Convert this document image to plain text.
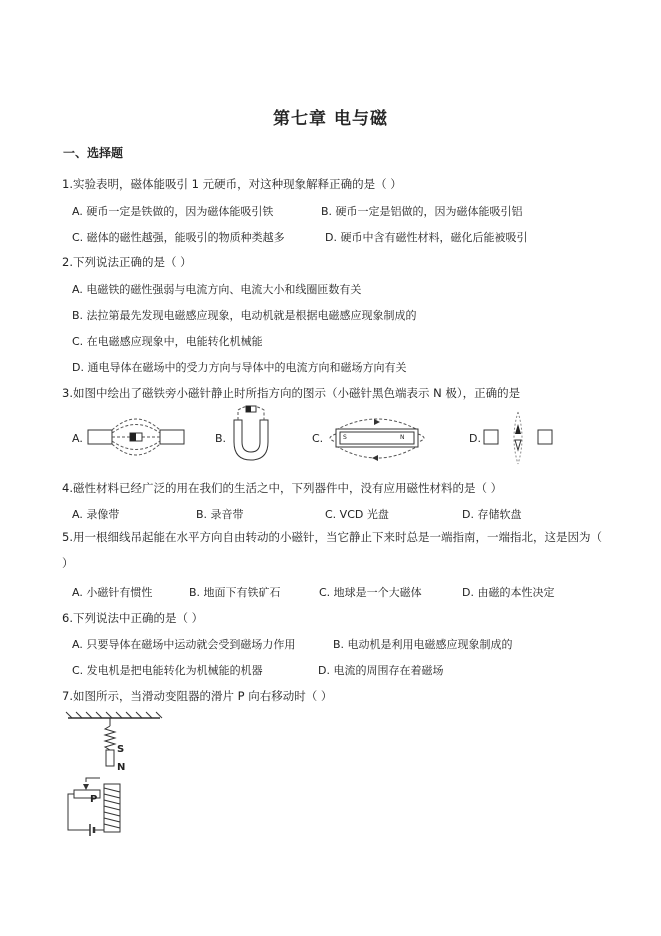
第七章 电与磁
一、选择题
1.实验表明，磁体能吸引 1 元硬币，对这种现象解释正确的是（ ）
A. 硬币一定是铁做的，因为磁体能吸引铁	B. 硬币一定是铝做的，因为磁体能吸引铝
C. 磁体的磁性越强，能吸引的物质种类越多	D. 硬币中含有磁性材料，磁化后能被吸引
2.下列说法正确的是（ ）
A. 电磁铁的磁性强弱与电流方向、电流大小和线圈匝数有关
B. 法拉第最先发现电磁感应现象，电动机就是根据电磁感应现象制成的
C. 在电磁感应现象中，电能转化机械能
D. 通电导体在磁场中的受力方向与导体中的电流方向和磁场方向有关
3.如图中绘出了磁铁旁小磁针静止时所指方向的图示（小磁针黑色端表示 N 极），正确的是
A.	B.	C.	S	N	D.
4.磁性材料已经广泛的用在我们的生活之中，下列器件中，没有应用磁性材料的是（ ）
A. 录像带	B. 录音带	C. VCD 光盘	D. 存储软盘
5.用一根细线吊起能在水平方向自由转动的小磁针，当它静止下来时总是一端指南，一端指北，这是因为（ ）
A. 小磁针有惯性	B. 地面下有铁矿石	C. 地球是一个大磁体	D. 由磁的本性决定
6.下列说法中正确的是（ ）
A. 只要导体在磁场中运动就会受到磁场力作用	B. 电动机是利用电磁感应现象制成的
C. 发电机是把电能转化为机械能的机器	D. 电流的周围存在着磁场
7.如图所示，当滑动变阻器的滑片 P 向右移动时（ ）
S
N
P
